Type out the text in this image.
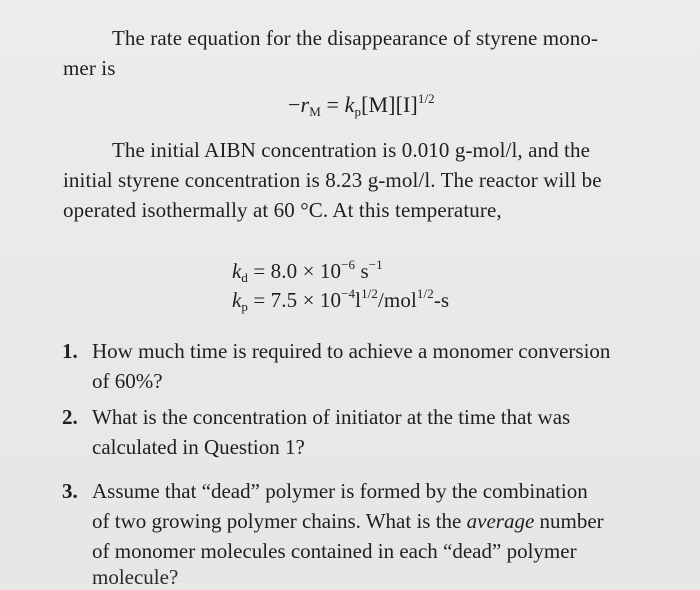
The rate equation for the disappearance of styrene mono-
mer is
$-r_M = k_p[M][I]^{1/2}$
The initial AIBN concentration is 0.010 g-mol/l, and the
initial styrene concentration is 8.23 g-mol/l. The reactor will be
operated isothermally at 60 °C. At this temperature,
$k_d = 8.0 \times 10^{-6}$ $s^{-1}$
$k_p = 7.5 \times 10^{-4}l^{1/2}/mol^{1/2}-s$
1. How much time is required to achieve a monomer conversion
of 60%?
2. What is the concentration of initiator at the time that was
calculated in Question 1?
3. Assume that “dead” polymer is formed by the combination
of two growing polymer chains. What is the average number
of monomer molecules contained in each “dead” polymer
molecule?
